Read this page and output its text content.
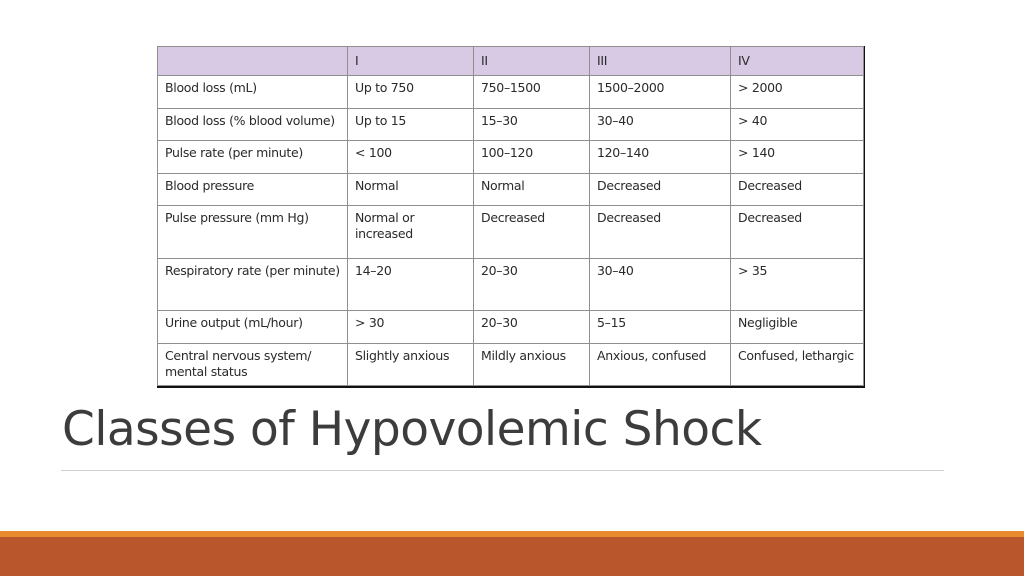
	I	II	III	IV
Blood loss (mL)	Up to 750	750–1500	1500–2000	> 2000
Blood loss (% blood volume)	Up to 15	15–30	30–40	> 40
Pulse rate (per minute)	< 100	100–120	120–140	> 140
Blood pressure	Normal	Normal	Decreased	Decreased
Pulse pressure (mm Hg)	Normal or increased	Decreased	Decreased	Decreased
Respiratory rate (per minute)	14–20	20–30	30–40	> 35
Urine output (mL/hour)	> 30	20–30	5–15	Negligible
Central nervous system/ mental status	Slightly anxious	Mildly anxious	Anxious, confused	Confused, lethargic
Classes of Hypovolemic Shock
